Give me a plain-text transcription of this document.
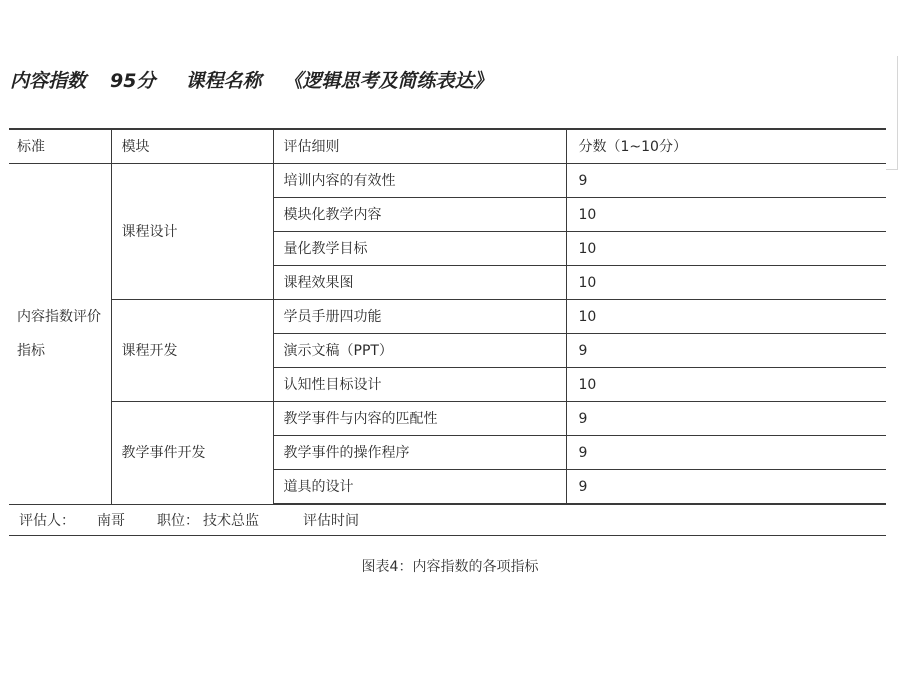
内容指数 95分 课程名称 《逻辑思考及简练表达》
标准	模块	评估细则	分数（1~10分）
内容指数评价指标	课程设计	培训内容的有效性	9
		模块化教学内容	10
		量化教学目标	10
		课程效果图	10
	课程开发	学员手册四功能	10
		演示文稿（PPT）	9
		认知性目标设计	10
	教学事件开发	教学事件与内容的匹配性	9
		教学事件的操作程序	9
		道具的设计	9
评估人： 南哥 职位： 技术总监	评估时间
图表4：内容指数的各项指标
